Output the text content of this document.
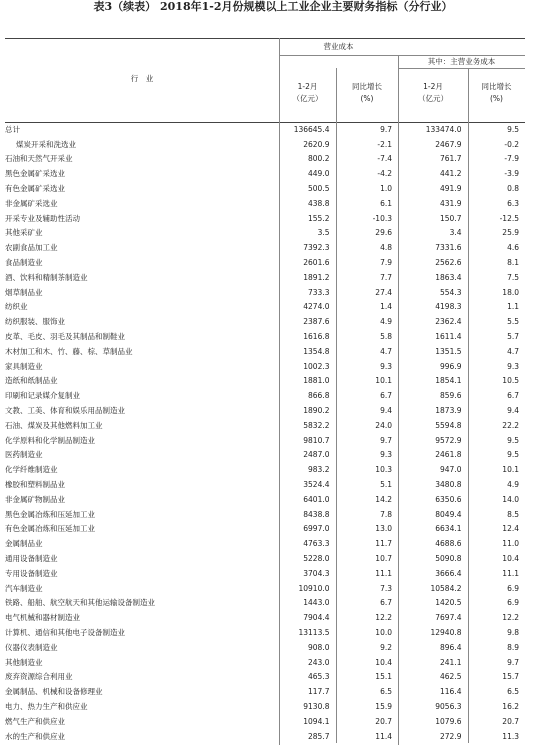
表3（续表） 2018年1-2月份规模以上工业企业主要财务指标（分行业）
行　业
营业成本
其中：主营业务成本
1-2月
（亿元）
同比增长
(%)
1-2月
（亿元）
同比增长
(%)
总计	136645.4	9.7	133474.0	9.5
煤炭开采和洗选业	2620.9	-2.1	2467.9	-0.2
石油和天然气开采业	800.2	-7.4	761.7	-7.9
黑色金属矿采选业	449.0	-4.2	441.2	-3.9
有色金属矿采选业	500.5	1.0	491.9	0.8
非金属矿采选业	438.8	6.1	431.9	6.3
开采专业及辅助性活动	155.2	-10.3	150.7	-12.5
其他采矿业	3.5	29.6	3.4	25.9
农副食品加工业	7392.3	4.8	7331.6	4.6
食品制造业	2601.6	7.9	2562.6	8.1
酒、饮料和精制茶制造业	1891.2	7.7	1863.4	7.5
烟草制品业	733.3	27.4	554.3	18.0
纺织业	4274.0	1.4	4198.3	1.1
纺织服装、服饰业	2387.6	4.9	2362.4	5.5
皮革、毛皮、羽毛及其制品和制鞋业	1616.8	5.8	1611.4	5.7
木材加工和木、竹、藤、棕、草制品业	1354.8	4.7	1351.5	4.7
家具制造业	1002.3	9.3	996.9	9.3
造纸和纸制品业	1881.0	10.1	1854.1	10.5
印刷和记录媒介复制业	866.8	6.7	859.6	6.7
文教、工美、体育和娱乐用品制造业	1890.2	9.4	1873.9	9.4
石油、煤炭及其他燃料加工业	5832.2	24.0	5594.8	22.2
化学原料和化学制品制造业	9810.7	9.7	9572.9	9.5
医药制造业	2487.0	9.3	2461.8	9.5
化学纤维制造业	983.2	10.3	947.0	10.1
橡胶和塑料制品业	3524.4	5.1	3480.8	4.9
非金属矿物制品业	6401.0	14.2	6350.6	14.0
黑色金属冶炼和压延加工业	8438.8	7.8	8049.4	8.5
有色金属冶炼和压延加工业	6997.0	13.0	6634.1	12.4
金属制品业	4763.3	11.7	4688.6	11.0
通用设备制造业	5228.0	10.7	5090.8	10.4
专用设备制造业	3704.3	11.1	3666.4	11.1
汽车制造业	10910.0	7.3	10584.2	6.9
铁路、船舶、航空航天和其他运输设备制造业	1443.0	6.7	1420.5	6.9
电气机械和器材制造业	7904.4	12.2	7697.4	12.2
计算机、通信和其他电子设备制造业	13113.5	10.0	12940.8	9.8
仪器仪表制造业	908.0	9.2	896.4	8.9
其他制造业	243.0	10.4	241.1	9.7
废弃资源综合利用业	465.3	15.1	462.5	15.7
金属制品、机械和设备修理业	117.7	6.5	116.4	6.5
电力、热力生产和供应业	9130.8	15.9	9056.3	16.2
燃气生产和供应业	1094.1	20.7	1079.6	20.7
水的生产和供应业	285.7	11.4	272.9	11.3
